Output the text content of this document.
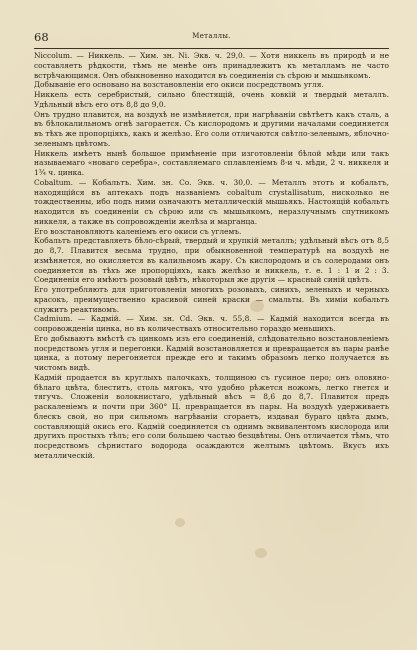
68	Металлы.

Niccolum. — Никкель. — Хим. зн. Ni. Экв. ч. 29,0. — Хотя никкель въ природѣ и не составляетъ рѣдкости, тѣмъ не менѣе онъ принадлежитъ къ металламъ не часто встрѣчающимся. Онъ обыкновенно находится въ соединеніи съ сѣрою и мышьякомъ.

Добываніе его основано на возстановленіи его окиси посредствомъ угля.

Никкель есть серебристый, сильно блестящій, очень ковкій и твердый металлъ. Удѣльный вѣсъ его отъ 8,8 до 9,0.

Онъ трудно плавится, на воздухѣ не измѣняется, при нагрѣваніи свѣтѣетъ какъ сталь, а въ бѣлокалильномъ огнѣ загорается. Съ кислородомъ и другими началами соединяется въ тѣхъ же пропорціяхъ, какъ и желѣзо. Его соли отличаются свѣтло-зеленымъ, яблочно-зеленымъ цвѣтомъ.

Никкель имѣетъ нынѣ большое примѣненіе при изготовленіи бѣлой мѣди или такъ называемаго «новаго серебра», составляемаго сплавленіемъ 8-и ч. мѣди, 2 ч. никкеля и 1¾ ч. цинка.

Cobaltum. — Кобальтъ. Хим. зн. Co. Экв. ч. 30,0. — Металлъ этотъ и кобальтъ, находящійся въ аптекахъ подъ названіемъ cobaltum crystallisatum, нисколько не тождественны, ибо подъ ними означаютъ металлическій мышьякъ. Настоящій кобальтъ находится въ соединеніи съ сѣрою или съ мышьякомъ, неразлучнымъ спутникомъ никкеля, а также въ сопровожденіи желѣза и марганца.

Его возстановляютъ каленіемъ его окиси съ углемъ.

Кобальтъ представляетъ бѣло-сѣрый, твердый и хрупкій металлъ; удѣльный вѣсъ отъ 8,5 до 8,7. Плавится весьма трудно, при обыкновенной температурѣ на воздухѣ не измѣняется, но окисляется въ калильномъ жару. Съ кислородомъ и съ солеродами онъ соединяется въ тѣхъ же пропорціяхъ, какъ желѣзо и никкель, т. е. 1 : 1 и 2 : 3. Соединенія его имѣютъ розовый цвѣтъ, нѣкоторыя же другія — красный синій цвѣтъ.

Его употребляютъ для приготовленія многихъ розовыхъ, синихъ, зеленыхъ и черныхъ красокъ, преимущественно красивой синей краски — смальты. Въ химіи кобальтъ служитъ реактивомъ.

Cadmium. — Кадмій. — Хим. зн. Cd. Экв. ч. 55,8. — Кадмій находится всегда въ сопровожденіи цинка, но въ количествахъ относительно гораздо меньшихъ.

Его добываютъ вмѣстѣ съ цинкомъ изъ его соединеній, слѣдовательно возстановленіемъ посредствомъ угля и перегонки. Кадмій возстановляется и превращается въ пары ранѣе цинка, а потому перегоняется прежде его и такимъ образомъ легко получается въ чистомъ видѣ.

Кадмій продается въ круглыхъ палочкахъ, толщиною съ гусиное перо; онъ оловяно-бѣлаго цвѣта, блеститъ, столь мягокъ, что удобно рѣжется ножомъ, легко гнется и тягучъ. Сложенія волокнистаго, удѣльный вѣсъ = 8,6 до 8,7. Плавится предъ раскаленіемъ и почти при 360° Ц. превращается въ пары. На воздухѣ удерживаетъ блескъ свой, но при сильномъ нагрѣваніи сгораетъ, издавая бураго цвѣта дымъ, составляющій окись его. Кадмій соединяется съ однимъ эквивалентомъ кислорода или другихъ простыхъ тѣлъ; его соли большею частью безцвѣтны. Онъ отличается тѣмъ, что посредствомъ сѣрнистаго водорода осаждаются желтымъ цвѣтомъ. Вкусъ ихъ металлическій.
